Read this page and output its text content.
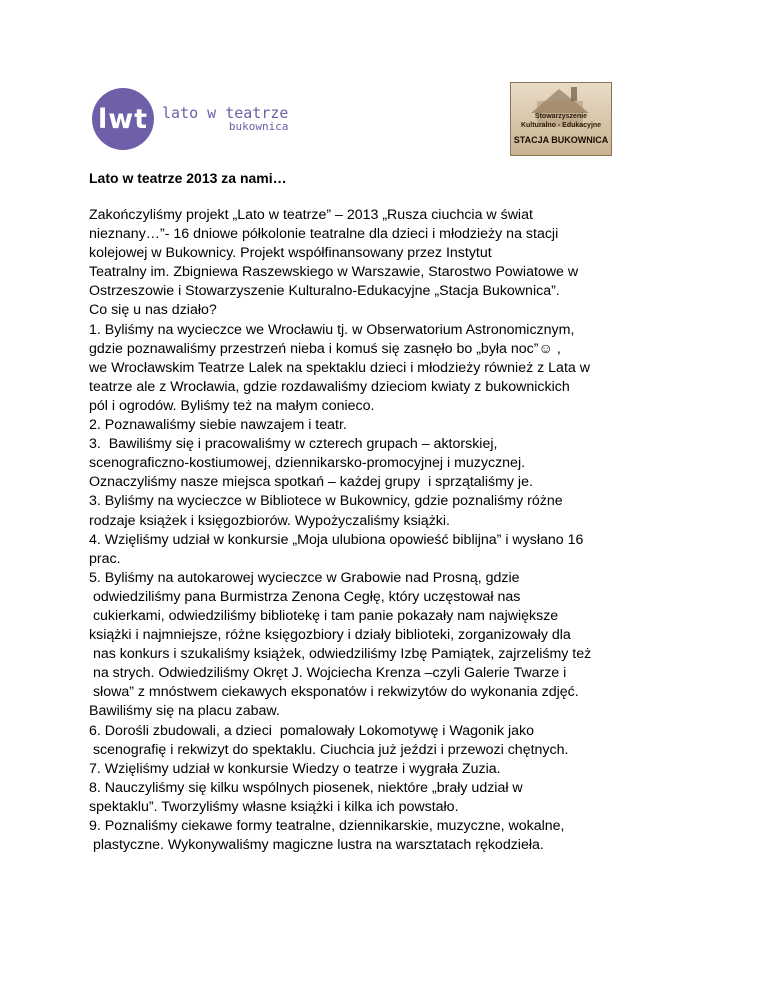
lwt lato w teatrze
bukownica
Stowarzyszenie
Kulturalno - Edukacyjne
STACJA BUKOWNICA
Lato w teatrze 2013 za nami…
Zakończyliśmy projekt „Lato w teatrze” – 2013 „Rusza ciuchcia w świat
nieznany…”- 16 dniowe półkolonie teatralne dla dzieci i młodzieży na stacji
kolejowej w Bukownicy. Projekt współfinansowany przez Instytut
Teatralny im. Zbigniewa Raszewskiego w Warszawie, Starostwo Powiatowe w
Ostrzeszowie i Stowarzyszenie Kulturalno-Edukacyjne „Stacja Bukownica”.
Co się u nas działo?
1. Byliśmy na wycieczce we Wrocławiu tj. w Obserwatorium Astronomicznym,
gdzie poznawaliśmy przestrzeń nieba i komuś się zasnęło bo „była noc”☺ ,
we Wrocławskim Teatrze Lalek na spektaklu dzieci i młodzieży również z Lata w
teatrze ale z Wrocławia, gdzie rozdawaliśmy dzieciom kwiaty z bukownickich
pól i ogrodów. Byliśmy też na małym conieco.
2. Poznawaliśmy siebie nawzajem i teatr.
3.  Bawiliśmy się i pracowaliśmy w czterech grupach – aktorskiej,
scenograficzno-kostiumowej, dziennikarsko-promocyjnej i muzycznej.
Oznaczyliśmy nasze miejsca spotkań – każdej grupy  i sprzątaliśmy je.
3. Byliśmy na wycieczce w Bibliotece w Bukownicy, gdzie poznaliśmy różne
rodzaje książek i księgozbiorów. Wypożyczaliśmy książki.
4. Wzięliśmy udział w konkursie „Moja ulubiona opowieść biblijna” i wysłano 16
prac.
5. Byliśmy na autokarowej wycieczce w Grabowie nad Prosną, gdzie
odwiedziliśmy pana Burmistrza Zenona Cegłę, który uczęstował nas
cukierkami, odwiedziliśmy bibliotekę i tam panie pokazały nam największe
książki i najmniejsze, różne księgozbiory i działy biblioteki, zorganizowały dla
nas konkurs i szukaliśmy książek, odwiedziliśmy Izbę Pamiątek, zajrzeliśmy też
na strych. Odwiedziliśmy Okręt J. Wojciecha Krenza –czyli Galerie Twarze i
słowa” z mnóstwem ciekawych eksponatów i rekwizytów do wykonania zdjęć.
Bawiliśmy się na placu zabaw.
6. Dorośli zbudowali, a dzieci  pomalowały Lokomotywę i Wagonik jako
scenografię i rekwizyt do spektaklu. Ciuchcia już jeździ i przewozi chętnych.
7. Wzięliśmy udział w konkursie Wiedzy o teatrze i wygrała Zuzia.
8. Nauczyliśmy się kilku wspólnych piosenek, niektóre „brały udział w
spektaklu”. Tworzyliśmy własne książki i kilka ich powstało.
9. Poznaliśmy ciekawe formy teatralne, dziennikarskie, muzyczne, wokalne,
plastyczne. Wykonywaliśmy magiczne lustra na warsztatach rękodzieła.
